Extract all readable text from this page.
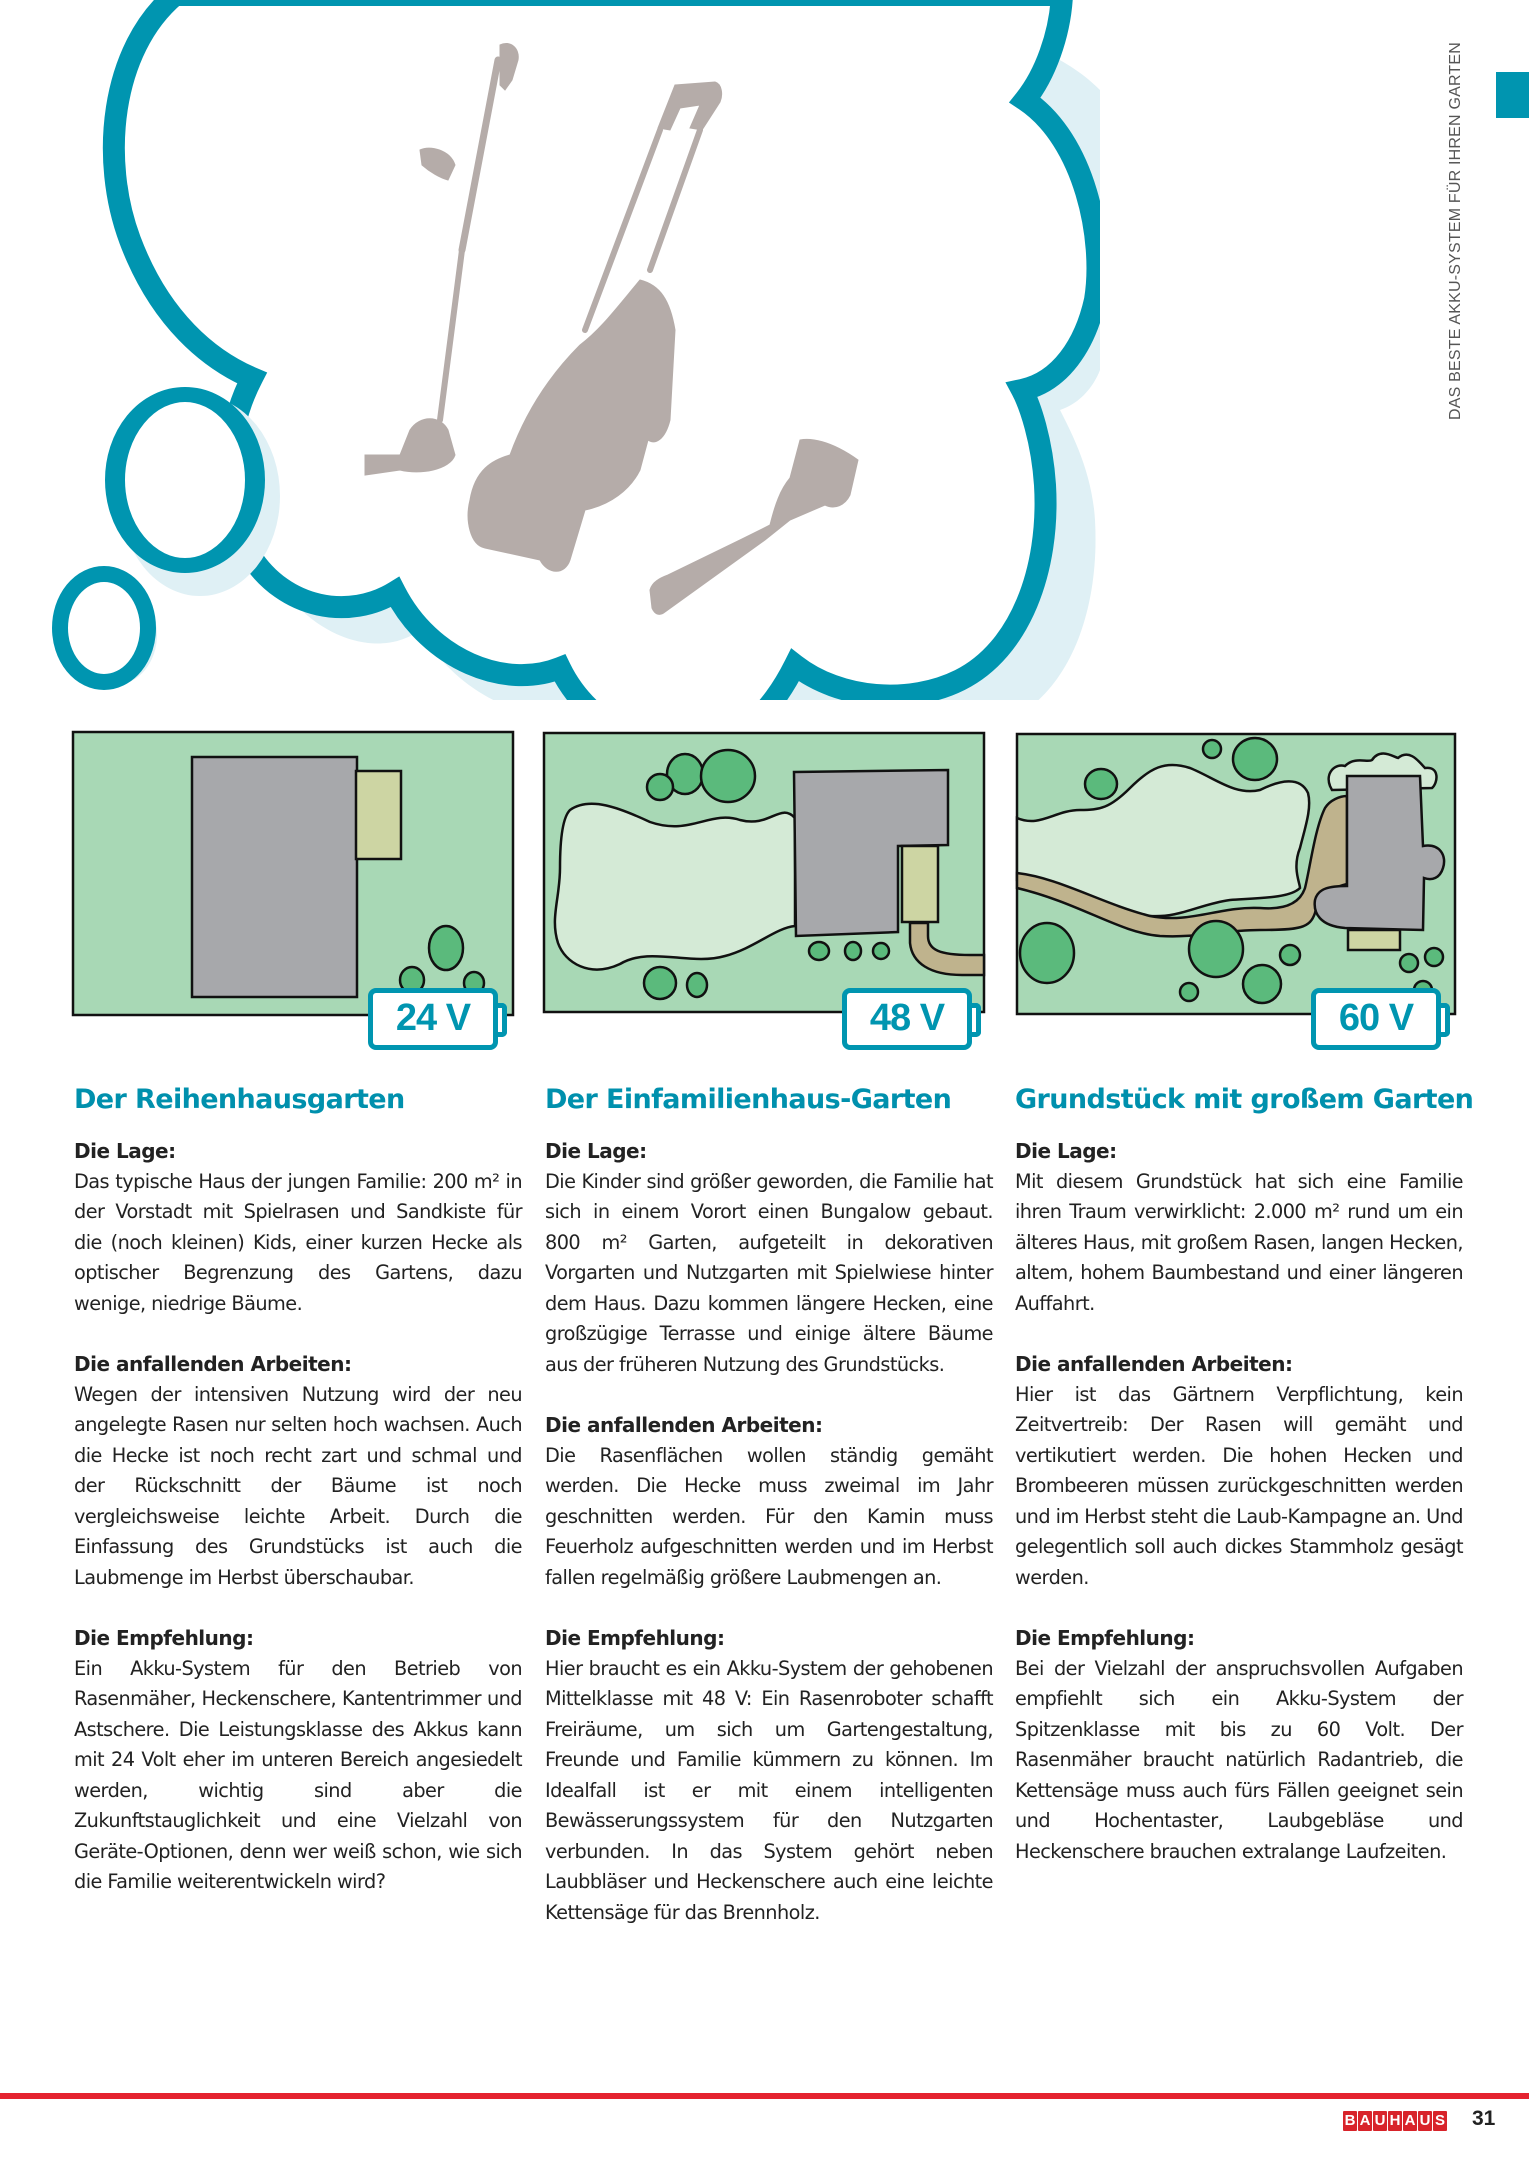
DAS BESTE AKKU-SYSTEM FÜR IHREN GARTEN
24 V	48 V	60 V
Der Reihenhausgarten
Die Lage:

Das typische Haus der jungen Familie: 200 m² in der Vorstadt mit Spielrasen und Sandkiste für die (noch kleinen) Kids, einer kurzen Hecke als optischer Begrenzung des Gartens, dazu wenige, niedrige Bäume.

Die anfallenden Arbeiten:

Wegen der intensiven Nutzung wird der neu angelegte Rasen nur selten hoch wachsen. Auch die Hecke ist noch recht zart und schmal und der Rückschnitt der Bäume ist noch vergleichsweise leichte Arbeit. Durch die Einfassung des Grundstücks ist auch die Laubmenge im Herbst überschaubar.

Die Empfehlung:

Ein Akku-System für den Betrieb von Rasenmäher, Heckenschere, Kantentrimmer und Astschere. Die Leistungsklasse des Akkus kann mit 24 Volt eher im unteren Bereich angesiedelt werden, wichtig sind aber die Zukunftstauglichkeit und eine Vielzahl von Geräte-Optionen, denn wer weiß schon, wie sich die Familie weiterentwickeln wird?

Der Einfamilienhaus-Garten
Die Lage:

Die Kinder sind größer geworden, die Familie hat sich in einem Vorort einen Bungalow gebaut. 800 m² Garten, aufgeteilt in dekorativen Vorgarten und Nutzgarten mit Spielwiese hinter dem Haus. Dazu kommen längere Hecken, eine großzügige Terrasse und einige ältere Bäume aus der früheren Nutzung des Grundstücks.

Die anfallenden Arbeiten:

Die Rasenflächen wollen ständig gemäht werden. Die Hecke muss zweimal im Jahr geschnitten werden. Für den Kamin muss Feuerholz aufgeschnitten werden und im Herbst fallen regelmäßig größere Laubmengen an.

Die Empfehlung:

Hier braucht es ein Akku-System der gehobenen Mittelklasse mit 48 V: Ein Rasenroboter schafft Freiräume, um sich um Gartengestaltung, Freunde und Familie kümmern zu können. Im Idealfall ist er mit einem intelligenten Bewässerungssystem für den Nutzgarten verbunden. In das System gehört neben Laubbläser und Heckenschere auch eine leichte Kettensäge für das Brennholz.

Grundstück mit großem Garten
Die Lage:

Mit diesem Grundstück hat sich eine Familie ihren Traum verwirklicht: 2.000 m² rund um ein älteres Haus, mit großem Rasen, langen Hecken, altem, hohem Baumbestand und einer längeren Auffahrt.

Die anfallenden Arbeiten:

Hier ist das Gärtnern Verpflichtung, kein Zeitvertreib: Der Rasen will gemäht und vertikutiert werden. Die hohen Hecken und Brombeeren müssen zurückgeschnitten werden und im Herbst steht die Laub-Kampagne an. Und gelegentlich soll auch dickes Stammholz gesägt werden.

Die Empfehlung:

Bei der Vielzahl der anspruchsvollen Aufgaben empfiehlt sich ein Akku-System der Spitzenklasse mit bis zu 60 Volt. Der Rasenmäher braucht natürlich Radantrieb, die Kettensäge muss auch fürs Fällen geeignet sein und Hochentaster, Laubgebläse und Heckenschere brauchen extralange Laufzeiten.

B A U H A U S 31
